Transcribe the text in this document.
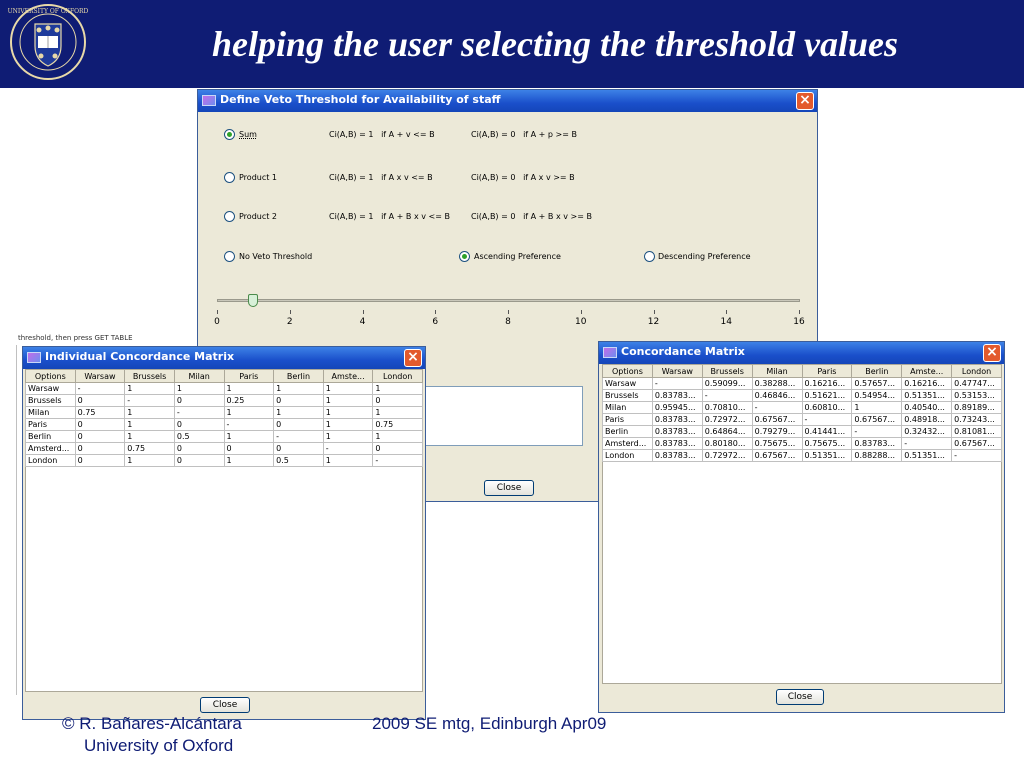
UNIVERSITY OF OXFORD
helping the user selecting the threshold values
threshold, then press GET TABLE
Define Veto Threshold for Availability of staff	×
Sum	Ci(A,B) = 1   if A + v <= B	Ci(A,B) = 0   if A + p >= B
Product 1	Ci(A,B) = 1   if A x v <= B	Ci(A,B) = 0   if A x v >= B
Product 2	Ci(A,B) = 1   if A + B x v <= B	Ci(A,B) = 0   if A + B x v >= B
No Veto Threshold	Ascending Preference	Descending Preference
0	2	4	6	8	10	12	14	16
Close
Individual Concordance Matrix	×
Options	Warsaw	Brussels	Milan	Paris	Berlin	Amste...	London
Warsaw	-	1	1	1	1	1	1
Brussels	0	-	0	0.25	0	1	0
Milan	0.75	1	-	1	1	1	1
Paris	0	1	0	-	0	1	0.75
Berlin	0	1	0.5	1	-	1	1
Amsterd...	0	0.75	0	0	0	-	0
London	0	1	0	1	0.5	1	-
Close
Concordance Matrix	×
Options	Warsaw	Brussels	Milan	Paris	Berlin	Amste...	London
Warsaw	-	0.59099...	0.38288...	0.16216...	0.57657...	0.16216...	0.47747...
Brussels	0.83783...	-	0.46846...	0.51621...	0.54954...	0.51351...	0.53153...
Milan	0.95945...	0.70810...	-	0.60810...	1	0.40540...	0.89189...
Paris	0.83783...	0.72972...	0.67567...	-	0.67567...	0.48918...	0.73243...
Berlin	0.83783...	0.64864...	0.79279...	0.41441...	-	0.32432...	0.81081...
Amsterd...	0.83783...	0.80180...	0.75675...	0.75675...	0.83783...	-	0.67567...
London	0.83783...	0.72972...	0.67567...	0.51351...	0.88288...	0.51351...	-
Close
© R. Bañares-Alcántara
University of Oxford
2009 SE mtg, Edinburgh Apr09
